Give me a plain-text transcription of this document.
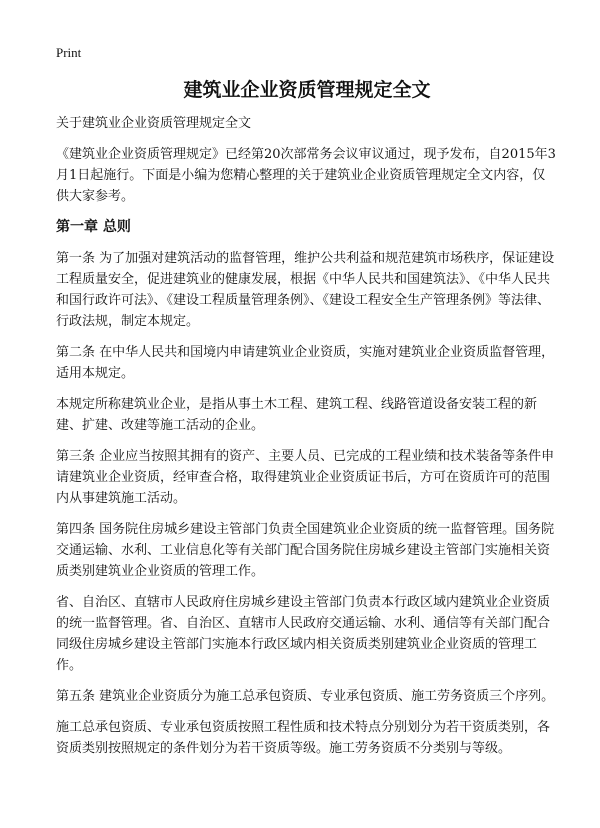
Print
建筑业企业资质管理规定全文

关于建筑业企业资质管理规定全文

《建筑业企业资质管理规定》已经第20次部常务会议审议通过，现予发布，自2015年3月1日起施行。下面是小编为您精心整理的关于建筑业企业资质管理规定全文内容，仅供大家参考。

第一章 总则

第一条 为了加强对建筑活动的监督管理，维护公共利益和规范建筑市场秩序，保证建设工程质量安全，促进建筑业的健康发展，根据《中华人民共和国建筑法》、《中华人民共和国行政许可法》、《建设工程质量管理条例》、《建设工程安全生产管理条例》等法律、行政法规，制定本规定。

第二条 在中华人民共和国境内申请建筑业企业资质，实施对建筑业企业资质监督管理，适用本规定。

本规定所称建筑业企业，是指从事土木工程、建筑工程、线路管道设备安装工程的新建、扩建、改建等施工活动的企业。

第三条 企业应当按照其拥有的资产、主要人员、已完成的工程业绩和技术装备等条件申请建筑业企业资质，经审查合格，取得建筑业企业资质证书后，方可在资质许可的范围内从事建筑施工活动。

第四条 国务院住房城乡建设主管部门负责全国建筑业企业资质的统一监督管理。国务院交通运输、水利、工业信息化等有关部门配合国务院住房城乡建设主管部门实施相关资质类别建筑业企业资质的管理工作。

省、自治区、直辖市人民政府住房城乡建设主管部门负责本行政区域内建筑业企业资质的统一监督管理。省、自治区、直辖市人民政府交通运输、水利、通信等有关部门配合同级住房城乡建设主管部门实施本行政区域内相关资质类别建筑业企业资质的管理工作。

第五条 建筑业企业资质分为施工总承包资质、专业承包资质、施工劳务资质三个序列。

施工总承包资质、专业承包资质按照工程性质和技术特点分别划分为若干资质类别，各资质类别按照规定的条件划分为若干资质等级。施工劳务资质不分类别与等级。
